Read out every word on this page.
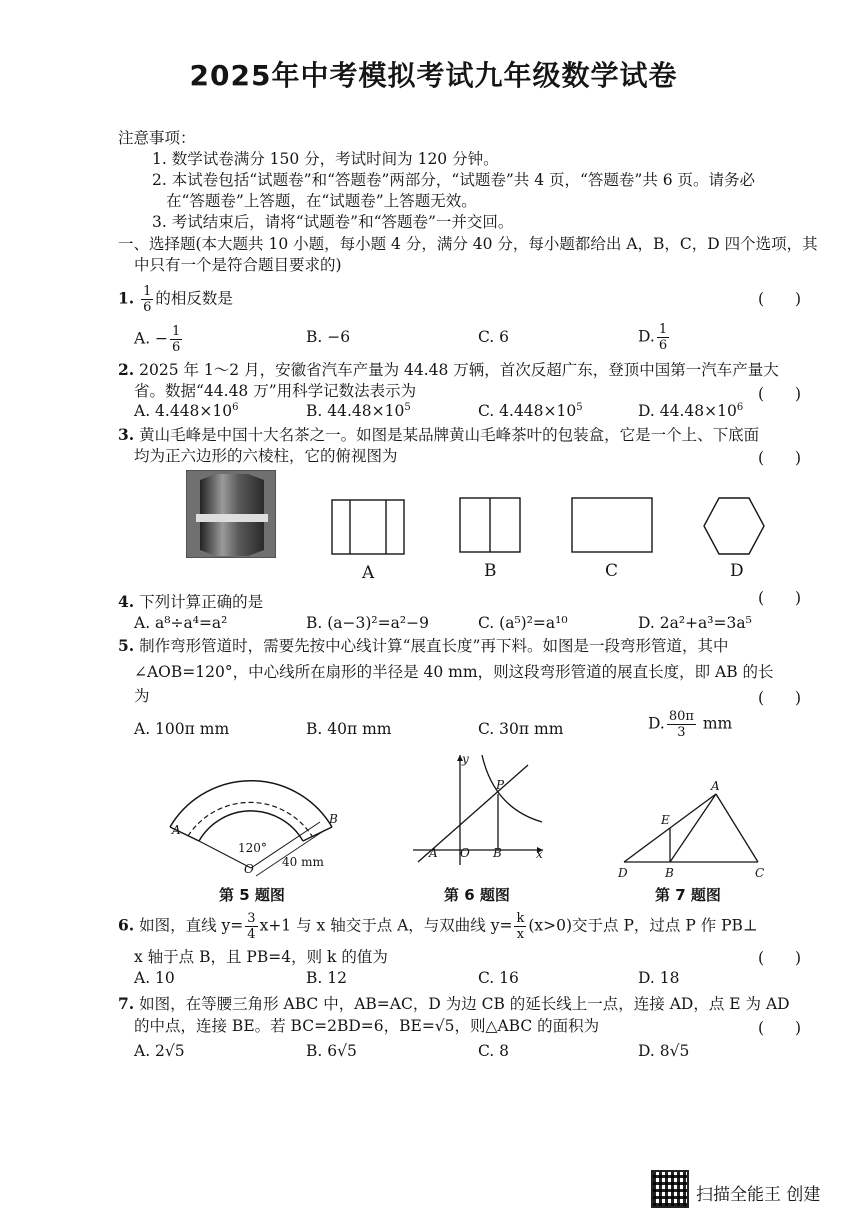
2025年中考模拟考试九年级数学试卷
注意事项：
1. 数学试卷满分 150 分，考试时间为 120 分钟。
2. 本试卷包括“试题卷”和“答题卷”两部分，“试题卷”共 4 页，“答题卷”共 6 页。请务必
在“答题卷”上答题，在“试题卷”上答题无效。
3. 考试结束后，请将“试题卷”和“答题卷”一并交回。
一、选择题(本大题共 10 小题，每小题 4 分，满分 40 分，每小题都给出 A，B，C，D 四个选项，其
中只有一个是符合题目要求的)
1. $\frac{1}{6}$ 的相反数是	(　　)
A. − $\frac{1}{6}$	B. −6	C. 6	D. $\frac{1}{6}$
2. 2025 年 1～2 月，安徽省汽车产量为 44.48 万辆，首次反超广东，登顶中国第一汽车产量大
省。数据“44.48 万”用科学记数法表示为	(　　)
A. $4.448\times 10^6$	B. $44.48\times 10^5$	C. $4.448\times 10^5$	D. $44.48\times 10^6$
3. 黄山毛峰是中国十大名茶之一。如图是某品牌黄山毛峰茶叶的包装盒，它是一个上、下底面
均为正六边形的六棱柱，它的俯视图为	(　　)
A	B	C	D
4. 下列计算正确的是	(　　)
A. a⁸÷a⁴=a²	B. (a−3)²=a²−9	C. (a⁵)²=a¹⁰	D. 2a²+a³=3a⁵
5. 制作弯形管道时，需要先按中心线计算“展直长度”再下料。如图是一段弯形管道，其中
∠AOB=120°，中心线所在扇形的半径是 40 mm，则这段弯形管道的展直长度，即 AB 的长
为	(　　)
A. 100π mm	B. 40π mm	C. 30π mm	D. $\frac{80\pi}{3}$ mm
A
B
120°
O 40 mm
第 5 题图
y
x
P
A O B
第 6 题图
A
E
D	B	C
第 7 题图
6. 如图，直线 $y= \frac{3}{4} x+1$ 与 x 轴交于点 A，与双曲线 $y= \frac{k}{x} (x>0)$交于点 P，过点 P 作 PB⊥
x 轴于点 B，且 PB=4，则 k 的值为	(　　)
A. 10	B. 12	C. 16	D. 18
7. 如图，在等腰三角形 ABC 中，AB=AC，D 为边 CB 的延长线上一点，连接 AD，点 E 为 AD
的中点，连接 BE。若 BC=2BD=6，BE=√5，则△ABC 的面积为	(　　)
A. 2√5	B. 6√5	C. 8	D. 8√5
扫描全能王 创建
